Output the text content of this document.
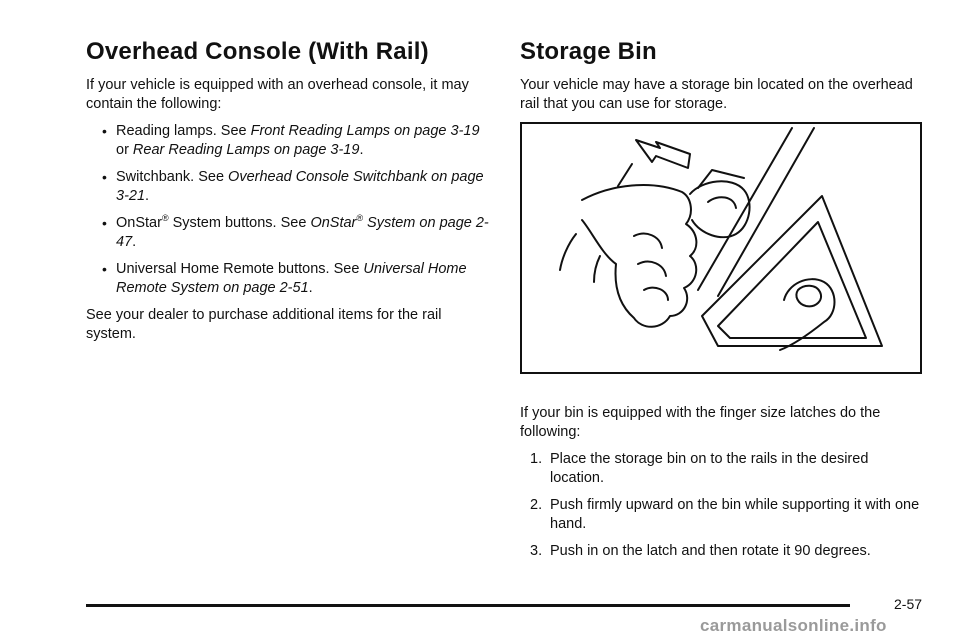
Overhead Console (With Rail)

If your vehicle is equipped with an overhead console, it may contain the following:

• Reading lamps. See Front Reading Lamps on page 3-19 or Rear Reading Lamps on page 3-19.
• Switchbank. See Overhead Console Switchbank on page 3-21.
• OnStar® System buttons. See OnStar® System on page 2-47.
• Universal Home Remote buttons. See Universal Home Remote System on page 2-51.

See your dealer to purchase additional items for the rail system.

Storage Bin

Your vehicle may have a storage bin located on the overhead rail that you can use for storage.

If your bin is equipped with the finger size latches do the following:

1. Place the storage bin on to the rails in the desired location.
2. Push firmly upward on the bin while supporting it with one hand.
3. Push in on the latch and then rotate it 90 degrees.
2-57
carmanualsonline.info
